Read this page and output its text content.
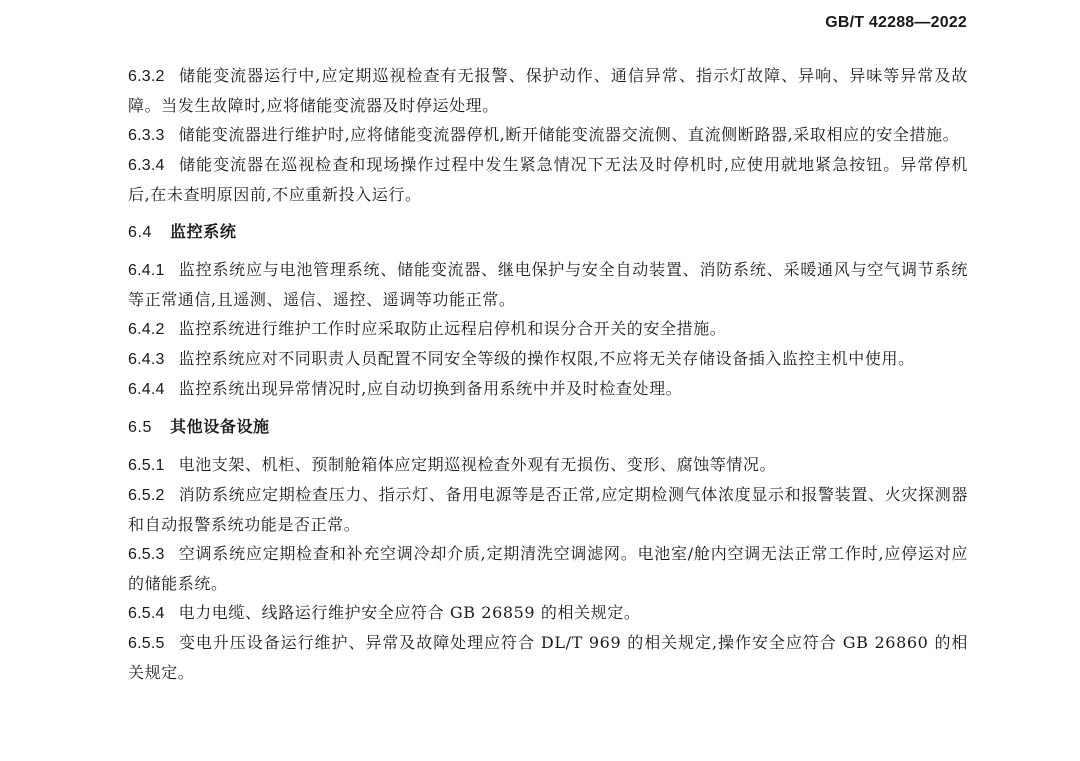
GB/T 42288—2022
6.3.2 储能变流器运行中,应定期巡视检查有无报警、保护动作、通信异常、指示灯故障、异响、异味等异常及故障。当发生故障时,应将储能变流器及时停运处理。
6.3.3 储能变流器进行维护时,应将储能变流器停机,断开储能变流器交流侧、直流侧断路器,采取相应的安全措施。
6.3.4 储能变流器在巡视检查和现场操作过程中发生紧急情况下无法及时停机时,应使用就地紧急按钮。异常停机后,在未查明原因前,不应重新投入运行。
6.4 监控系统
6.4.1 监控系统应与电池管理系统、储能变流器、继电保护与安全自动装置、消防系统、采暖通风与空气调节系统等正常通信,且遥测、遥信、遥控、遥调等功能正常。
6.4.2 监控系统进行维护工作时应采取防止远程启停机和误分合开关的安全措施。
6.4.3 监控系统应对不同职责人员配置不同安全等级的操作权限,不应将无关存储设备插入监控主机中使用。
6.4.4 监控系统出现异常情况时,应自动切换到备用系统中并及时检查处理。
6.5 其他设备设施
6.5.1 电池支架、机柜、预制舱箱体应定期巡视检查外观有无损伤、变形、腐蚀等情况。
6.5.2 消防系统应定期检查压力、指示灯、备用电源等是否正常,应定期检测气体浓度显示和报警装置、火灾探测器和自动报警系统功能是否正常。
6.5.3 空调系统应定期检查和补充空调冷却介质,定期清洗空调滤网。电池室/舱内空调无法正常工作时,应停运对应的储能系统。
6.5.4 电力电缆、线路运行维护安全应符合 GB 26859 的相关规定。
6.5.5 变电升压设备运行维护、异常及故障处理应符合 DL/T 969 的相关规定,操作安全应符合 GB 26860 的相关规定。
